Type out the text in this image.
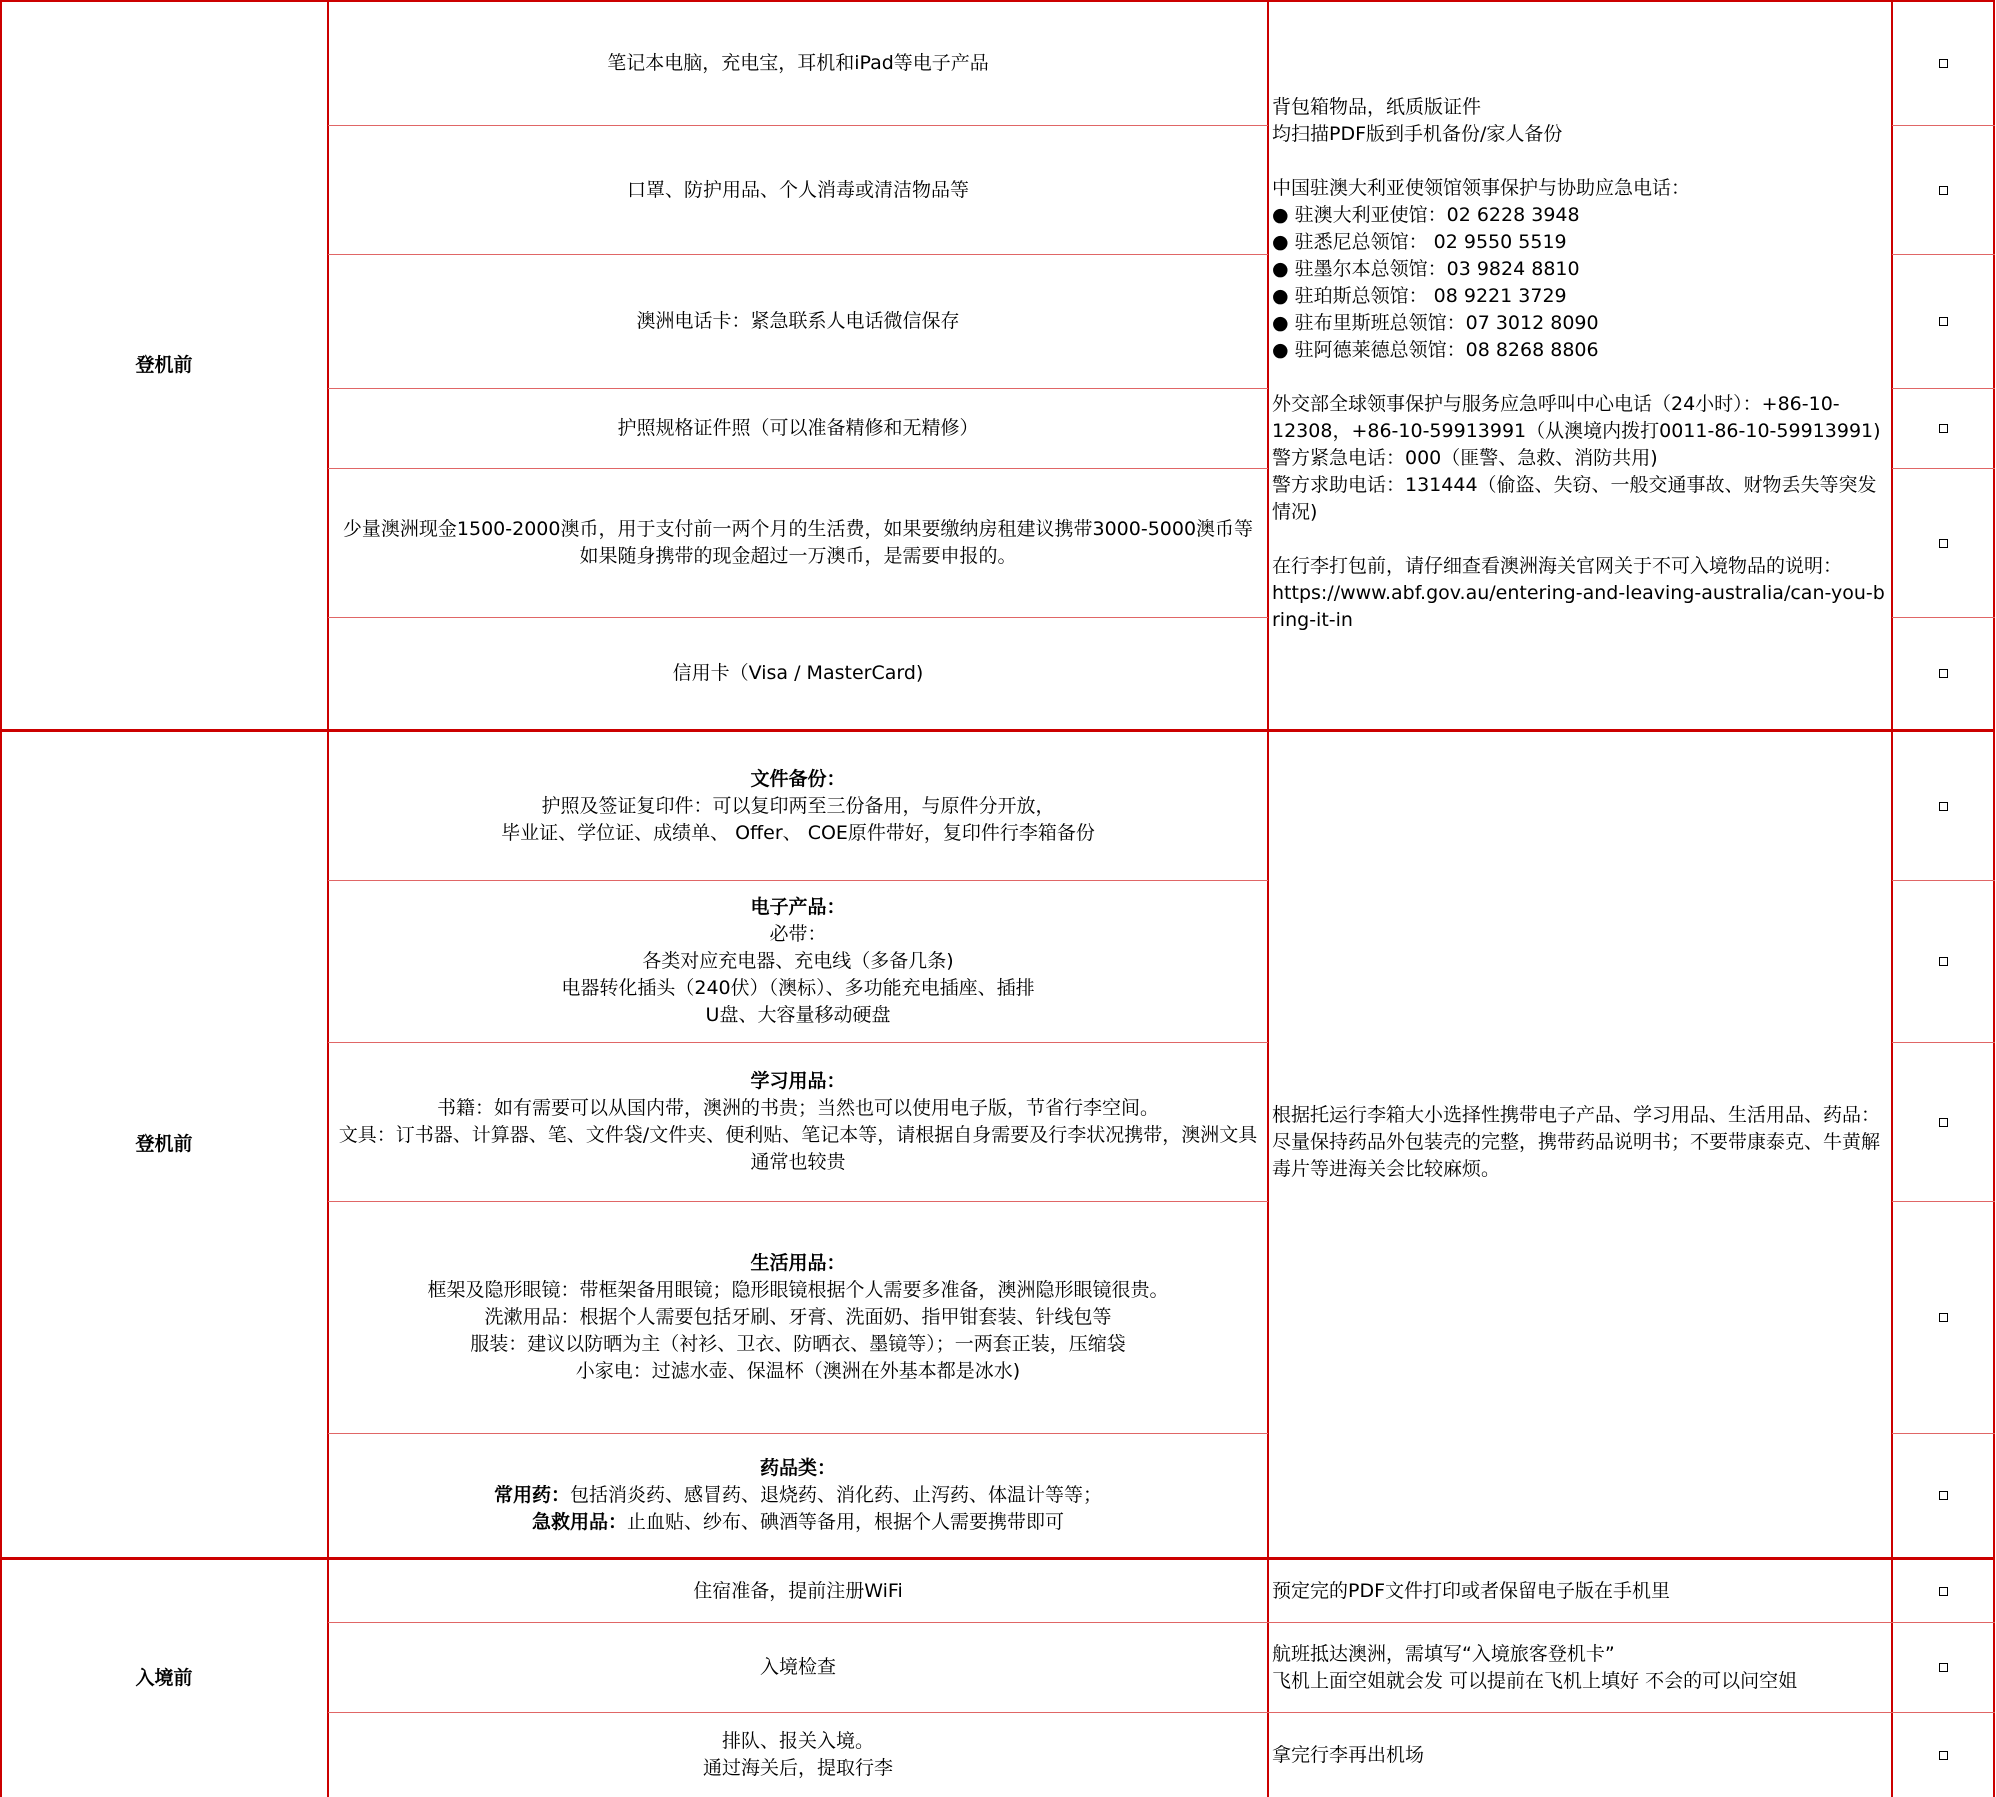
登机前
笔记本电脑，充电宝，耳机和iPad等电子产品
口罩、防护用品、个人消毒或清洁物品等
澳洲电话卡：紧急联系人电话微信保存
护照规格证件照（可以准备精修和无精修）
少量澳洲现金1500-2000澳币，用于支付前一两个月的生活费，如果要缴纳房租建议携带3000-5000澳币等
如果随身携带的现金超过一万澳币，是需要申报的。
信用卡（Visa / MasterCard)
背包箱物品，纸质版证件
均扫描PDF版到手机备份/家人备份
中国驻澳大利亚使领馆领事保护与协助应急电话：
● 驻澳大利亚使馆：02 6228 3948
● 驻悉尼总领馆： 02 9550 5519
● 驻墨尔本总领馆：03 9824 8810
● 驻珀斯总领馆： 08 9221 3729
● 驻布里斯班总领馆：07 3012 8090
● 驻阿德莱德总领馆：08 8268 8806
外交部全球领事保护与服务应急呼叫中心电话（24小时）：+86-10-12308，+86-10-59913991（从澳境内拨打0011-86-10-59913991)
警方紧急电话：000（匪警、急救、消防共用)
警方求助电话：131444（偷盗、失窃、一般交通事故、财物丢失等突发情况)
在行李打包前，请仔细查看澳洲海关官网关于不可入境物品的说明：
https://www.abf.gov.au/entering-and-leaving-australia/can-you-bring-it-in
登机前
文件备份：
护照及签证复印件：可以复印两至三份备用，与原件分开放，
毕业证、学位证、成绩单、 Offer、 COE原件带好，复印件行李箱备份
电子产品：
必带：
各类对应充电器、充电线（多备几条)
电器转化插头（240伏）（澳标）、多功能充电插座、插排
U盘、大容量移动硬盘
学习用品：
书籍：如有需要可以从国内带，澳洲的书贵；当然也可以使用电子版，节省行李空间。
文具：订书器、计算器、笔、文件袋/文件夹、便利贴、笔记本等，请根据自身需要及行李状况携带，澳洲文具
通常也较贵
生活用品：
框架及隐形眼镜：带框架备用眼镜；隐形眼镜根据个人需要多准备，澳洲隐形眼镜很贵。
洗漱用品：根据个人需要包括牙刷、牙膏、洗面奶、指甲钳套装、针线包等
服装：建议以防晒为主（衬衫、卫衣、防晒衣、墨镜等）；一两套正装，压缩袋
小家电：过滤水壶、保温杯（澳洲在外基本都是冰水)
药品类：
常用药：包括消炎药、感冒药、退烧药、消化药、止泻药、体温计等等；
急救用品：止血贴、纱布、碘酒等备用，根据个人需要携带即可
根据托运行李箱大小选择性携带电子产品、学习用品、生活用品、药品：
尽量保持药品外包装壳的完整，携带药品说明书；不要带康泰克、牛黄解毒片等进海关会比较麻烦。
入境前
住宿准备，提前注册WiFi
入境检查
排队、报关入境。
通过海关后，提取行李
预定完的PDF文件打印或者保留电子版在手机里
航班抵达澳洲，需填写“入境旅客登机卡”
飞机上面空姐就会发 可以提前在飞机上填好 不会的可以问空姐
拿完行李再出机场
